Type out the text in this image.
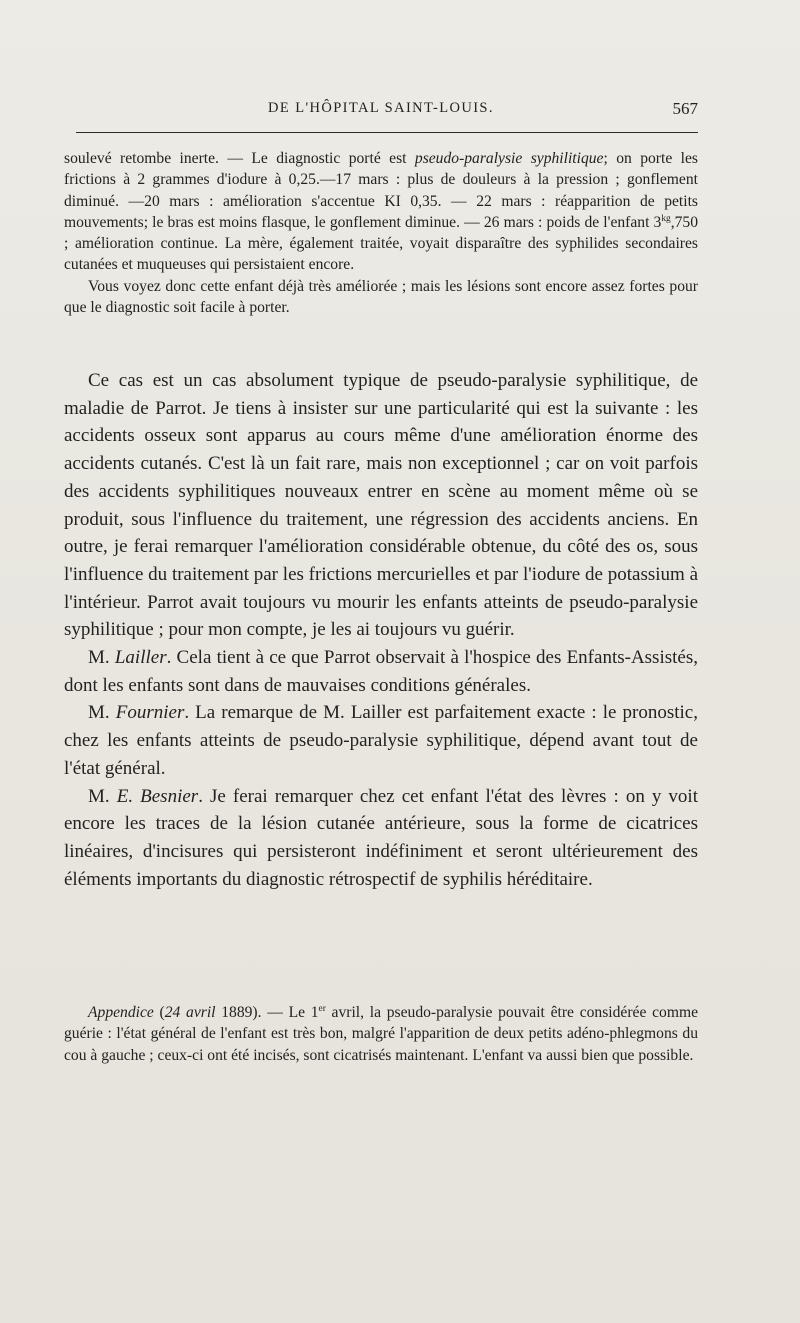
DE L'HÔPITAL SAINT-LOUIS.	567

soulevé retombe inerte. — Le diagnostic porté est pseudo-paralysie syphilitique; on porte les frictions à 2 grammes d'iodure à 0,25.—17 mars : plus de douleurs à la pression ; gonflement diminué. —20 mars : amélioration s'accentue KI 0,35. — 22 mars : réapparition de petits mouvements; le bras est moins flasque, le gonflement diminue. — 26 mars : poids de l'enfant $3^{kg},750$ ; amélioration continue. La mère, également traitée, voyait disparaître des syphilides secondaires cutanées et muqueuses qui persistaient encore.

Vous voyez donc cette enfant déjà très améliorée ; mais les lésions sont encore assez fortes pour que le diagnostic soit facile à porter.

Ce cas est un cas absolument typique de pseudo-paralysie syphilitique, de maladie de Parrot. Je tiens à insister sur une particularité qui est la suivante : les accidents osseux sont apparus au cours même d'une amélioration énorme des accidents cutanés. C'est là un fait rare, mais non exceptionnel ; car on voit parfois des accidents syphilitiques nouveaux entrer en scène au moment même où se produit, sous l'influence du traitement, une régression des accidents anciens. En outre, je ferai remarquer l'amélioration considérable obtenue, du côté des os, sous l'influence du traitement par les frictions mercurielles et par l'iodure de potassium à l'intérieur. Parrot avait toujours vu mourir les enfants atteints de pseudo-paralysie syphilitique ; pour mon compte, je les ai toujours vu guérir.

M. Lailler. Cela tient à ce que Parrot observait à l'hospice des Enfants-Assistés, dont les enfants sont dans de mauvaises conditions générales.

M. Fournier. La remarque de M. Lailler est parfaitement exacte : le pronostic, chez les enfants atteints de pseudo-paralysie syphilitique, dépend avant tout de l'état général.

M. E. Besnier. Je ferai remarquer chez cet enfant l'état des lèvres : on y voit encore les traces de la lésion cutanée antérieure, sous la forme de cicatrices linéaires, d'incisures qui persisteront indéfiniment et seront ultérieurement des éléments importants du diagnostic rétrospectif de syphilis héréditaire.

Appendice (24 avril 1889). — Le 1er avril, la pseudo-paralysie pouvait être considérée comme guérie : l'état général de l'enfant est très bon, malgré l'apparition de deux petits adéno-phlegmons du cou à gauche ; ceux-ci ont été incisés, sont cicatrisés maintenant. L'enfant va aussi bien que possible.
